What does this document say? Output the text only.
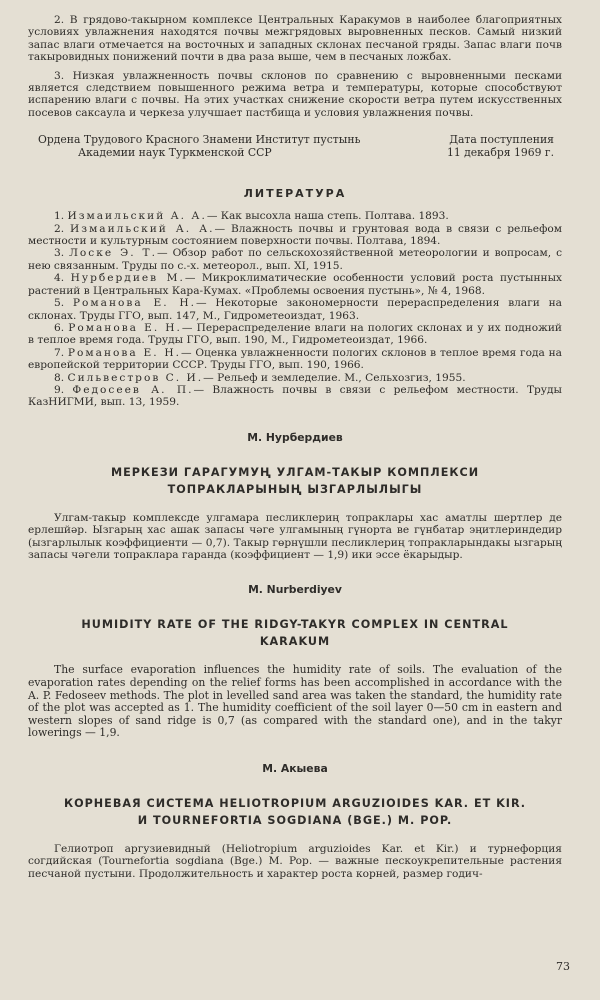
2. В грядово-такырном комплексе Центральных Каракумов в наиболее благоприятных условиях увлажнения находятся почвы межгрядовых выровненных песков. Самый низкий запас влаги отмечается на восточных и западных склонах песчаной гряды. Запас влаги почв такыровидных понижений почти в два раза выше, чем в песчаных ложбах.

3. Низкая увлажненность почвы склонов по сравнению с выровненными песками является следствием повышенного режима ветра и температуры, которые способствуют испарению влаги с почвы. На этих участках снижение скорости ветра путем искусственных посевов саксаула и черкеза улучшает пастбища и условия увлажнения почвы.

Ордена Трудового Красного Знамени Институт пустынь
Академии наук Туркменской ССР
Дата поступления
11 декабря 1969 г.
ЛИТЕРАТУРА
1. Измаильский А. А.— Как высохла наша степь. Полтава. 1893.
2. Измаильский А. А.— Влажность почвы и грунтовая вода в связи с рельефом местности и культурным состоянием поверхности почвы. Полтава, 1894.
3. Лоске Э. Т.— Обзор работ по сельскохозяйственной метеорологии и вопросам, с нею связанным. Труды по с.-х. метеорол., вып. XI, 1915.
4. Нурбердиев М.— Микроклиматические особенности условий роста пустынных растений в Центральных Кара-Кумах. «Проблемы освоения пустынь», № 4, 1968.
5. Романова Е. Н.— Некоторые закономерности перераспределения влаги на склонах. Труды ГГО, вып. 147, М., Гидрометеоиздат, 1963.
6. Романова Е. Н.— Перераспределение влаги на пологих склонах и у их подножий в теплое время года. Труды ГГО, вып. 190, М., Гидрометеоиздат, 1966.
7. Романова Е. Н.— Оценка увлажненности пологих склонов в теплое время года на европейской территории СССР. Труды ГГО, вып. 190, 1966.
8. Сильвестров С. И.— Рельеф и земледелие. М., Сельхозгиз, 1955.
9. Федосеев А. П.— Влажность почвы в связи с рельефом местности. Труды КазНИГМИ, вып. 13, 1959.
М. Нурбердиев
МЕРКЕЗИ ГАРАГУМУҢ УЛГАМ-ТАКЫР КОМПЛЕКСИ
ТОПРАКЛАРЫНЫҢ ЫЗГАРЛЫЛЫГЫ

Улгам-такыр комплексде улгамара песликлериң топраклары хас аматлы шертлер де ерлешйәр. Ызгарың хас ашак запасы чәге улгамының гүнорта ве гүнбатар эңитлериндедир (ызгарлылык коэффициенти — 0,7). Такыр гөрнүшли песликлериң топракларындакы ызгарың запасы чәгели топраклара гаранда (коэффициент — 1,9) ики эссе ёкарыдыр.

M. Nurberdiyev
HUMIDITY RATE OF THE RIDGY-TAKYR COMPLEX IN CENTRAL
KARAKUM

The surface evaporation influences the humidity rate of soils. The evaluation of the evaporation rates depending on the relief forms has been accomplished in accordance with the A. P. Fedoseev methods. The plot in levelled sand area was taken the standard, the humidity rate of the plot was accepted as 1. The humidity coefficient of the soil layer 0—50 cm in eastern and western slopes of sand ridge is 0,7 (as compared with the standard one), and in the takyr lowerings — 1,9.

М. Акыева
КОРНЕВАЯ СИСТЕМА HELIOTROPIUM ARGUZIOIDES KAR. ET KIR.
И TOURNEFORTIA SOGDIANA (BGE.) M. POP.

Гелиотроп аргузиевидный (Heliotropium arguzioides Kar. et Kir.) и турнефорция согдийская (Tournefortia sogdiana (Bge.) M. Pop. — важные пескоукрепительные растения песчаной пустыни. Продолжительность и характер роста корней, размер годич-

73
